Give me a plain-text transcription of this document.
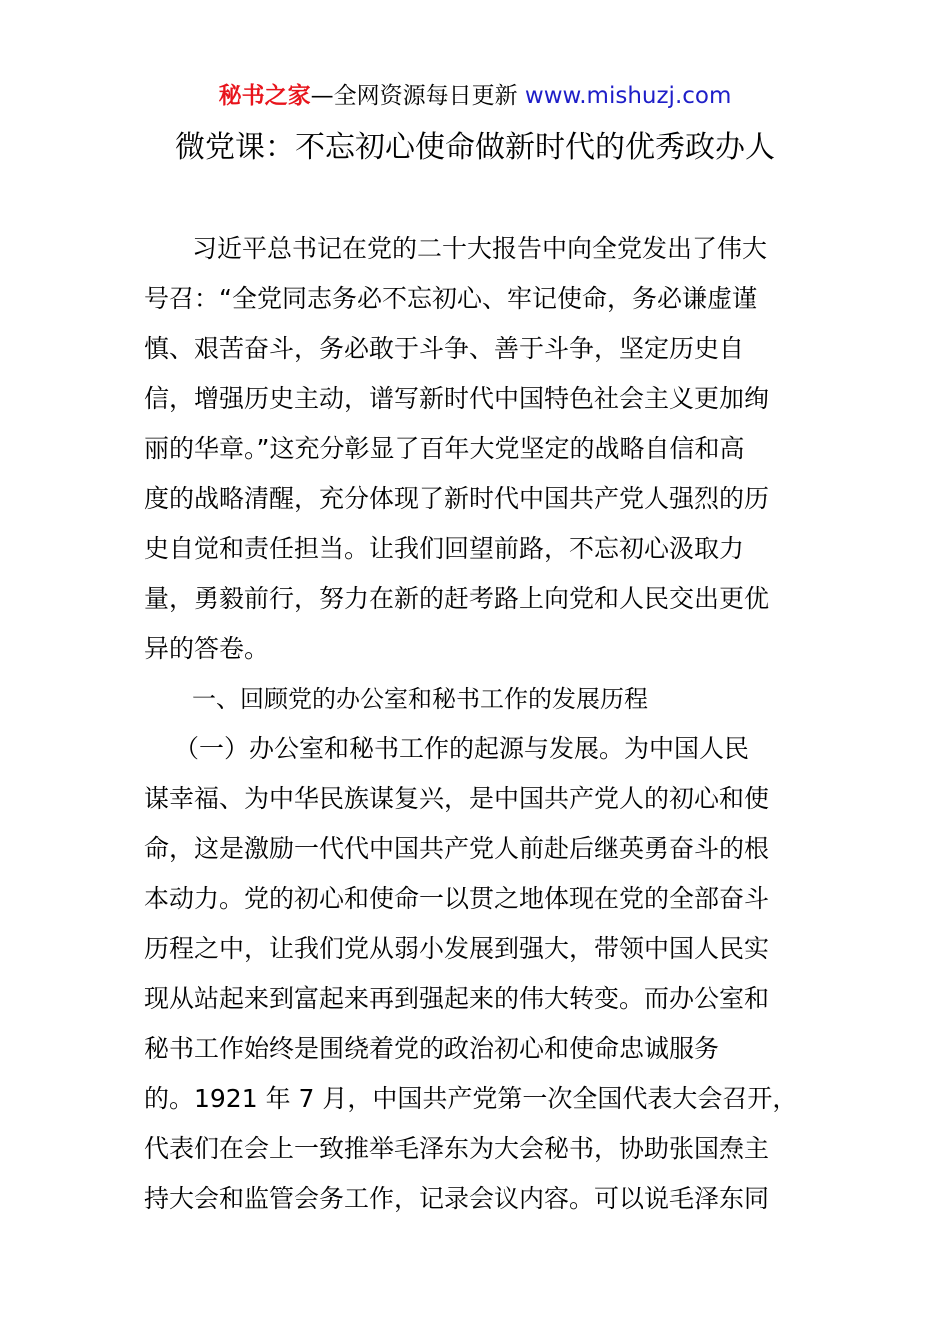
秘书之家—全网资源每日更新 www.mishuzj.com
微党课：不忘初心使命做新时代的优秀政办人
习近平总书记在党的二十大报告中向全党发出了伟大
号召：“全党同志务必不忘初心、牢记使命，务必谦虚谨
慎、艰苦奋斗，务必敢于斗争、善于斗争，坚定历史自
信，增强历史主动，谱写新时代中国特色社会主义更加绚
丽的华章。”这充分彰显了百年大党坚定的战略自信和高
度的战略清醒，充分体现了新时代中国共产党人强烈的历
史自觉和责任担当。让我们回望前路，不忘初心汲取力
量，勇毅前行，努力在新的赶考路上向党和人民交出更优
异的答卷。
一、回顾党的办公室和秘书工作的发展历程
（一）办公室和秘书工作的起源与发展。为中国人民
谋幸福、为中华民族谋复兴，是中国共产党人的初心和使
命，这是激励一代代中国共产党人前赴后继英勇奋斗的根
本动力。党的初心和使命一以贯之地体现在党的全部奋斗
历程之中，让我们党从弱小发展到强大，带领中国人民实
现从站起来到富起来再到强起来的伟大转变。而办公室和
秘书工作始终是围绕着党的政治初心和使命忠诚服务
的。1921 年 7 月，中国共产党第一次全国代表大会召开，
代表们在会上一致推举毛泽东为大会秘书，协助张国焘主
持大会和监管会务工作，记录会议内容。可以说毛泽东同
